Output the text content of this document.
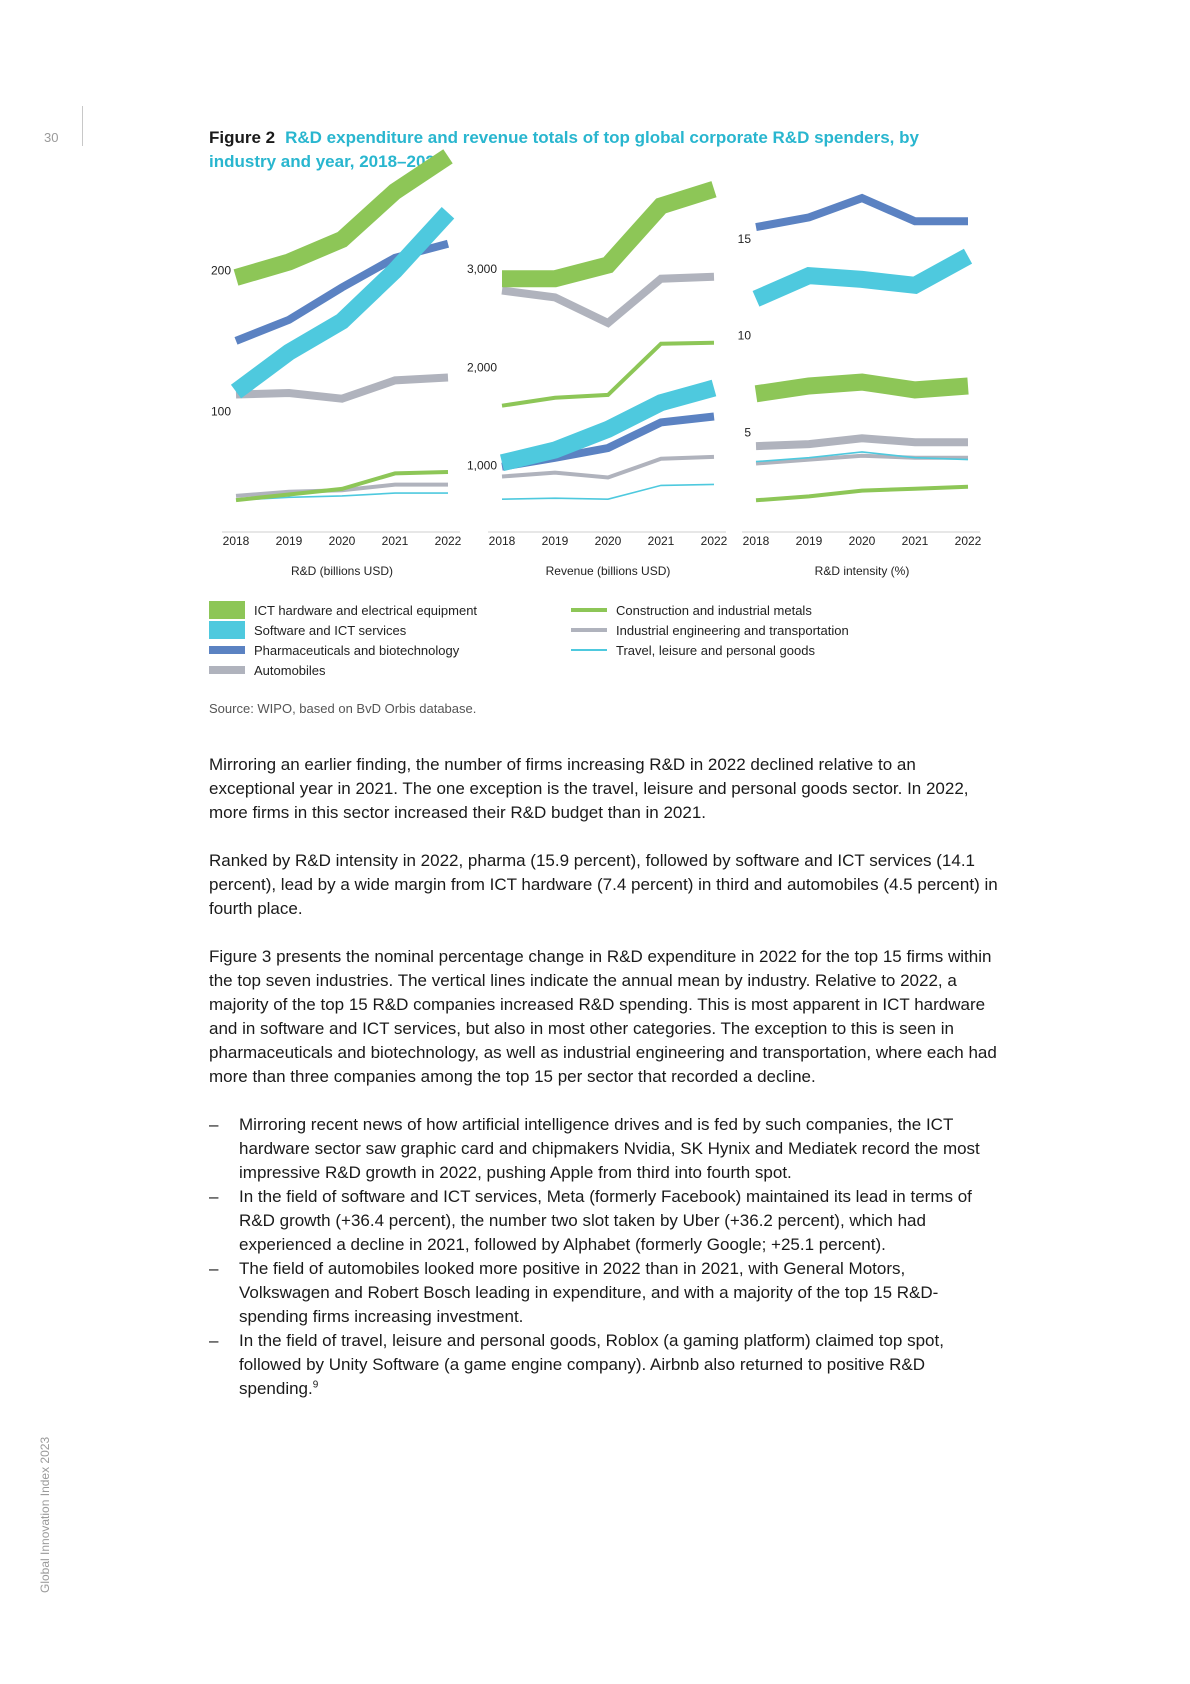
30
Global Innovation Index 2023
Figure 2 R&D expenditure and revenue totals of top global corporate R&D spenders, by industry and year, 2018–2022
100
200
2018 2019 2020 2021 2022
R&D (billions USD)
1,000
2,000
3,000
2018 2019 2020 2021 2022
Revenue (billions USD)
5
10
15
2018 2019 2020 2021 2022
R&D intensity (%)
ICT hardware and electrical equipment
Software and ICT services
Pharmaceuticals and biotechnology
Automobiles
Construction and industrial metals
Industrial engineering and transportation
Travel, leisure and personal goods
Source: WIPO, based on BvD Orbis database.

Mirroring an earlier finding, the number of firms increasing R&D in 2022 declined relative to an exceptional year in 2021. The one exception is the travel, leisure and personal goods sector. In 2022, more firms in this sector increased their R&D budget than in 2021.

Ranked by R&D intensity in 2022, pharma (15.9 percent), followed by software and ICT services (14.1 percent), lead by a wide margin from ICT hardware (7.4 percent) in third and automobiles (4.5 percent) in fourth place.

Figure 3 presents the nominal percentage change in R&D expenditure in 2022 for the top 15 firms within the top seven industries. The vertical lines indicate the annual mean by industry. Relative to 2022, a majority of the top 15 R&D companies increased R&D spending. This is most apparent in ICT hardware and in software and ICT services, but also in most other categories. The exception to this is seen in pharmaceuticals and biotechnology, as well as industrial engineering and transportation, where each had more than three companies among the top 15 per sector that recorded a decline.

– Mirroring recent news of how artificial intelligence drives and is fed by such companies, the ICT hardware sector saw graphic card and chipmakers Nvidia, SK Hynix and Mediatek record the most impressive R&D growth in 2022, pushing Apple from third into fourth spot.
– In the field of software and ICT services, Meta (formerly Facebook) maintained its lead in terms of R&D growth (+36.4 percent), the number two slot taken by Uber (+36.2 percent), which had experienced a decline in 2021, followed by Alphabet (formerly Google; +25.1 percent).
– The field of automobiles looked more positive in 2022 than in 2021, with General Motors, Volkswagen and Robert Bosch leading in expenditure, and with a majority of the top 15 R&D-spending firms increasing investment.
– In the field of travel, leisure and personal goods, Roblox (a gaming platform) claimed top spot, followed by Unity Software (a game engine company). Airbnb also returned to positive R&D spending.$^9$
